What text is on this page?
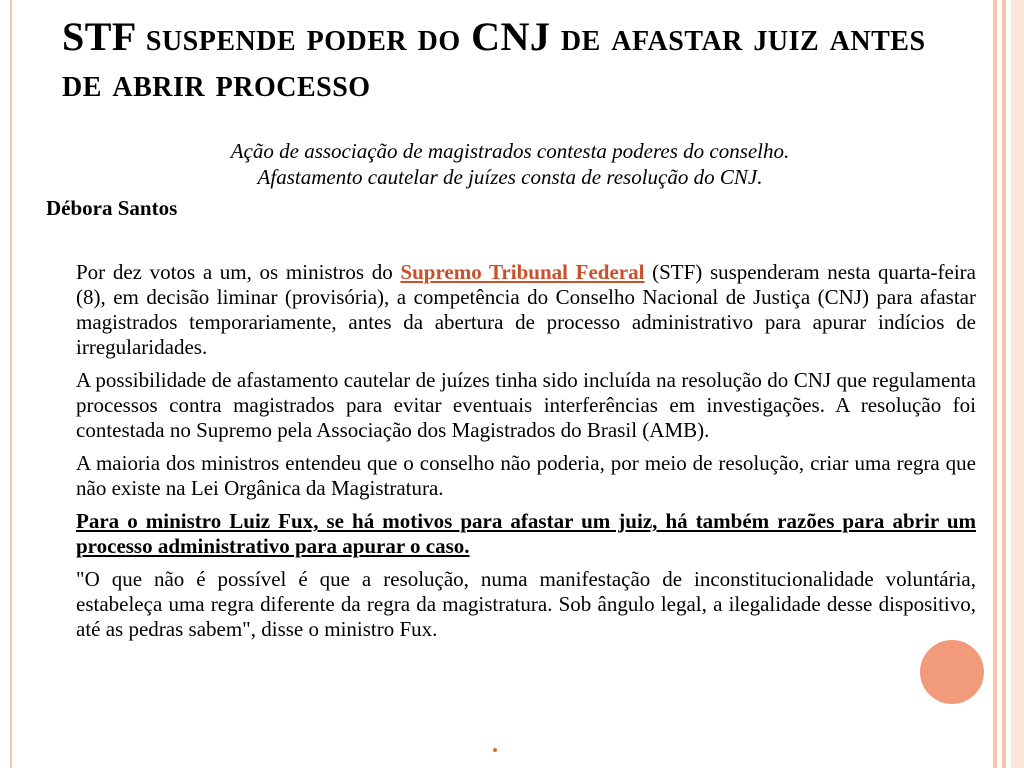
STF suspende poder do CNJ de afastar juiz antes de abrir processo
Ação de associação de magistrados contesta poderes do conselho.
Afastamento cautelar de juízes consta de resolução do CNJ.
Débora Santos

Por dez votos a um, os ministros do Supremo Tribunal Federal (STF) suspenderam nesta quarta-feira (8), em decisão liminar (provisória), a competência do Conselho Nacional de Justiça (CNJ) para afastar magistrados temporariamente, antes da abertura de processo administrativo para apurar indícios de irregularidades.

A possibilidade de afastamento cautelar de juízes tinha sido incluída na resolução do CNJ que regulamenta processos contra magistrados para evitar eventuais interferências em investigações. A resolução foi contestada no Supremo pela Associação dos Magistrados do Brasil (AMB).

A maioria dos ministros entendeu que o conselho não poderia, por meio de resolução, criar uma regra que não existe na Lei Orgânica da Magistratura.

Para o ministro Luiz Fux, se há motivos para afastar um juiz, há também razões para abrir um processo administrativo para apurar o caso.

"O que não é possível é que a resolução, numa manifestação de inconstitucionalidade voluntária, estabeleça uma regra diferente da regra da magistratura. Sob ângulo legal, a ilegalidade desse dispositivo, até as pedras sabem", disse o ministro Fux.
